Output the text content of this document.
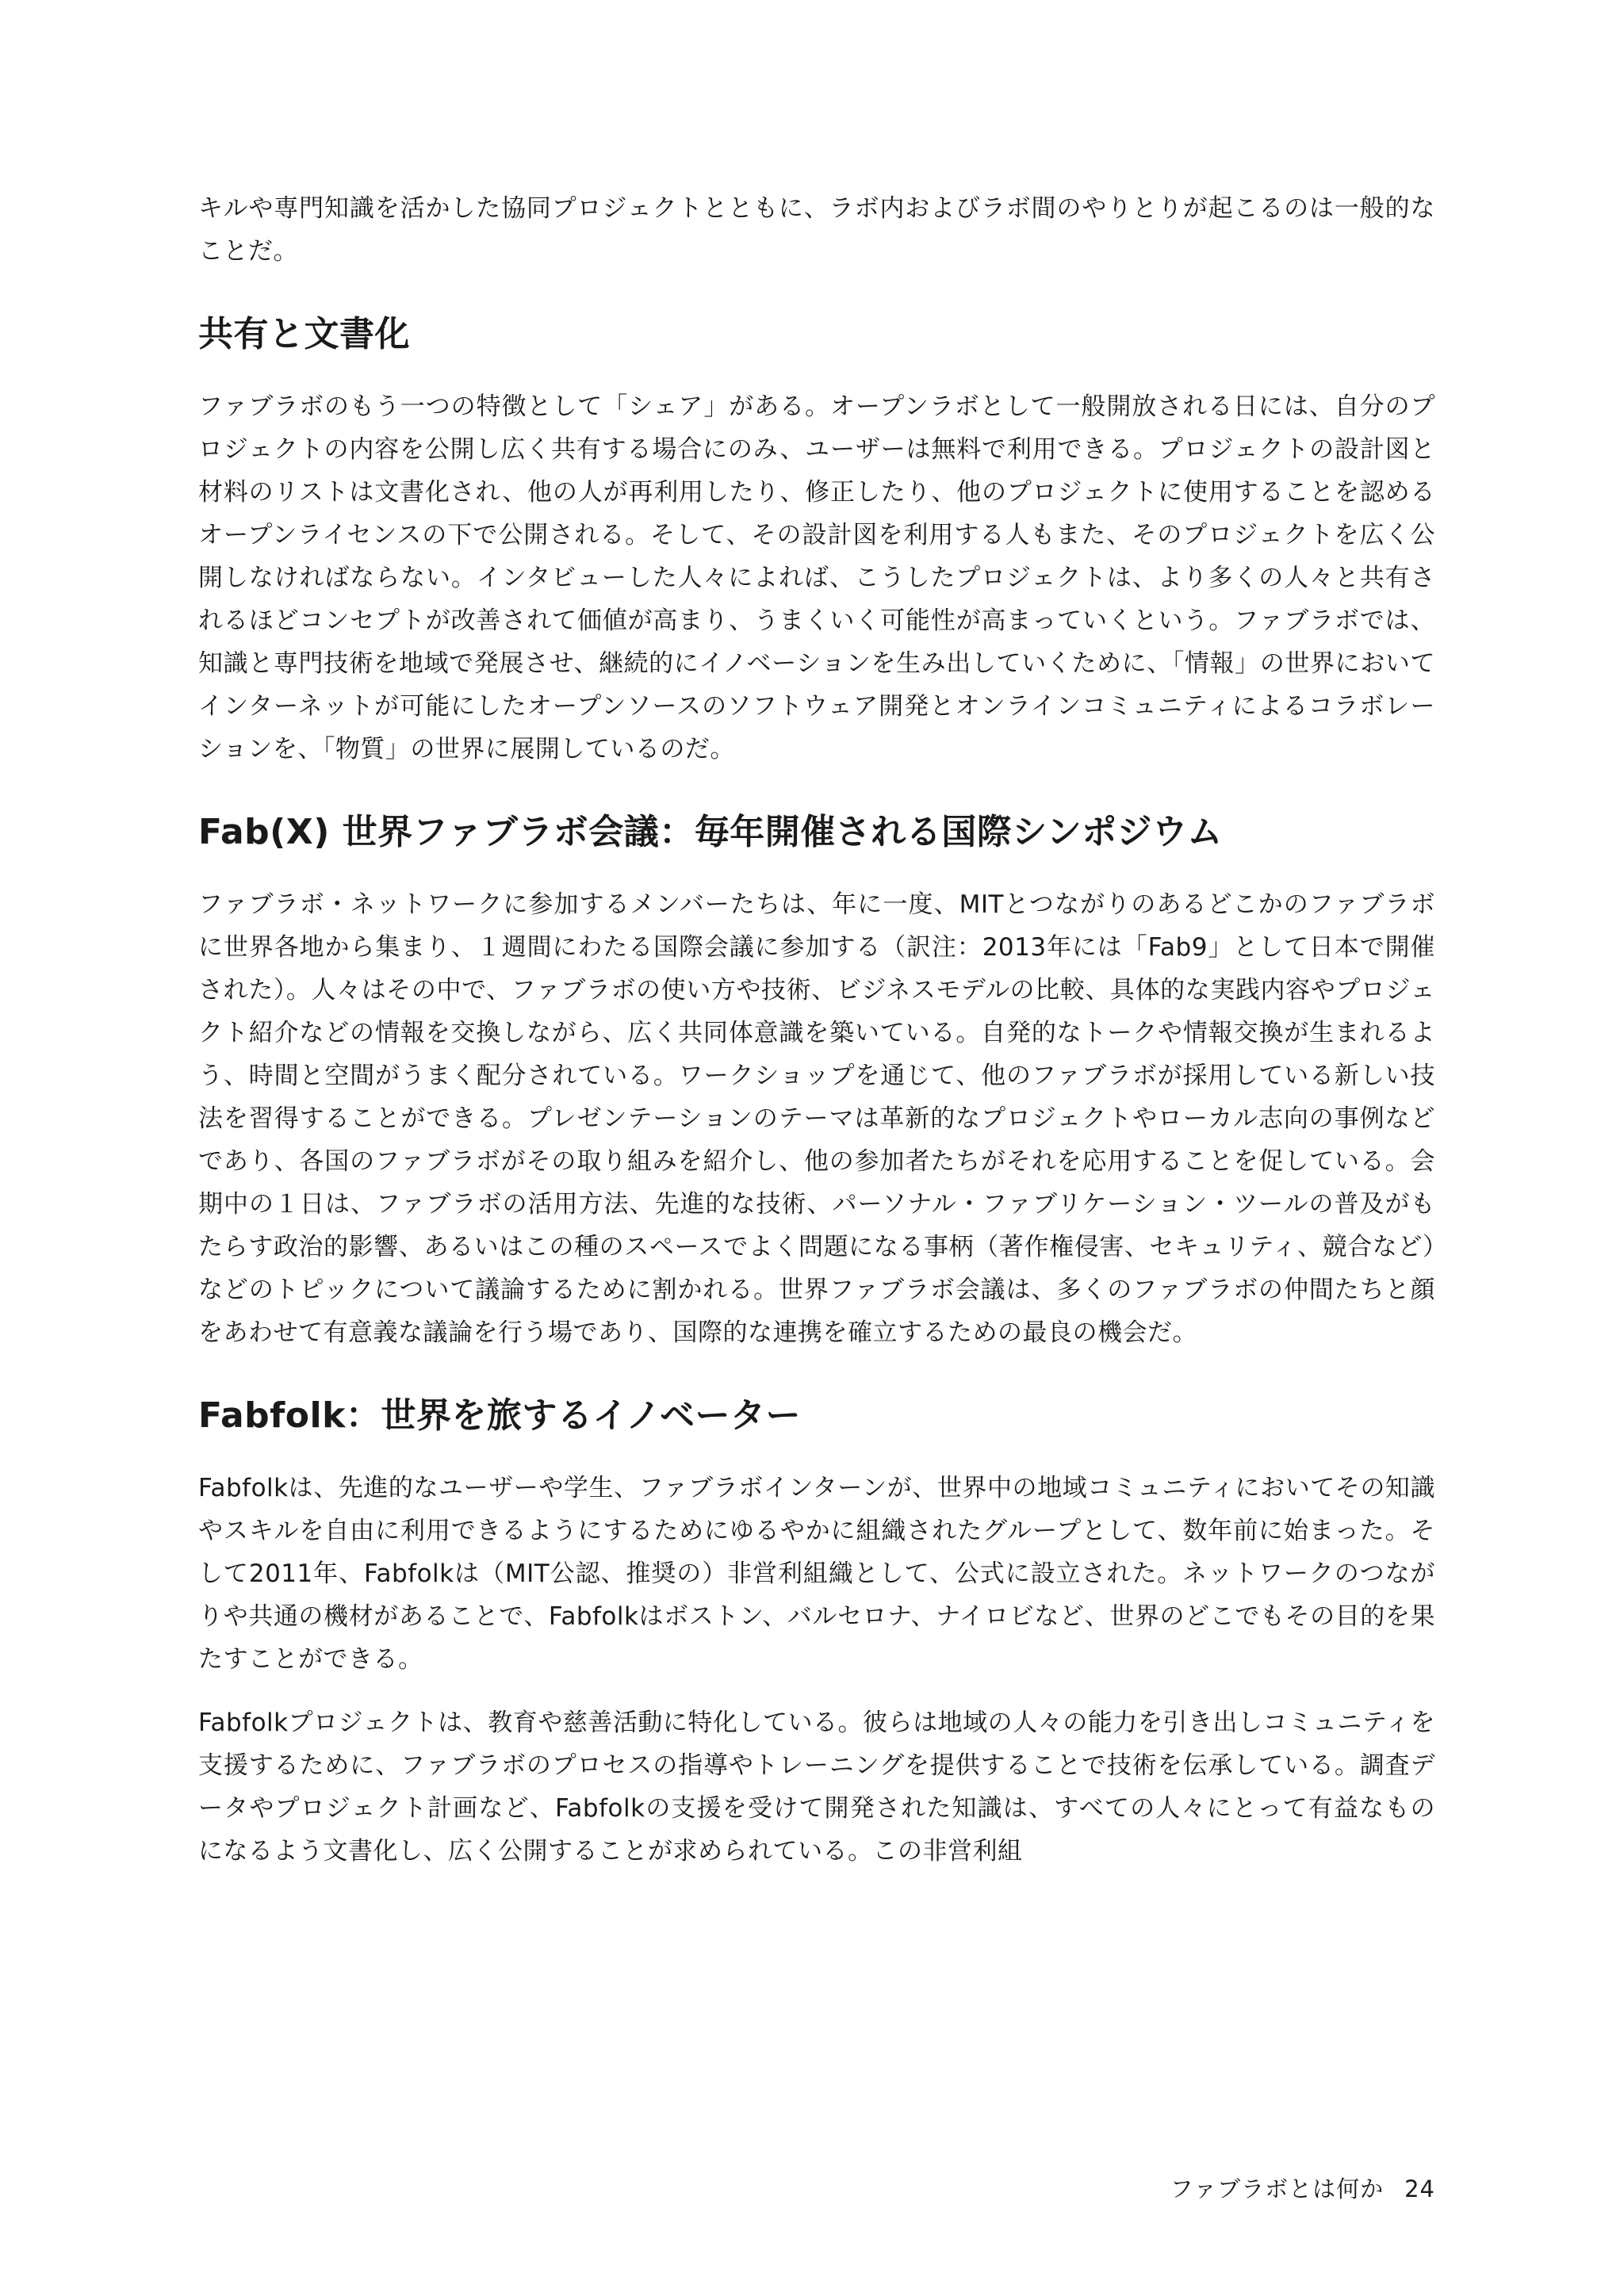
キルや専門知識を活かした協同プロジェクトとともに、ラボ内およびラボ間のやりとりが起こるのは一般的なことだ。

共有と文書化

ファブラボのもう一つの特徴として「シェア」がある。オープンラボとして一般開放される日には、自分のプロジェクトの内容を公開し広く共有する場合にのみ、ユーザーは無料で利用できる。プロジェクトの設計図と材料のリストは文書化され、他の人が再利用したり、修正したり、他のプロジェクトに使用することを認めるオープンライセンスの下で公開される。そして、その設計図を利用する人もまた、そのプロジェクトを広く公開しなければならない。インタビューした人々によれば、こうしたプロジェクトは、より多くの人々と共有されるほどコンセプトが改善されて価値が高まり、うまくいく可能性が高まっていくという。ファブラボでは、知識と専門技術を地域で発展させ、継続的にイノベーションを生み出していくために、「情報」の世界においてインターネットが可能にしたオープンソースのソフトウェア開発とオンラインコミュニティによるコラボレーションを、「物質」の世界に展開しているのだ。

Fab(X) 世界ファブラボ会議：毎年開催される国際シンポジウム

ファブラボ・ネットワークに参加するメンバーたちは、年に一度、MITとつながりのあるどこかのファブラボに世界各地から集まり、１週間にわたる国際会議に参加する（訳注：2013年には「Fab9」として日本で開催された）。人々はその中で、ファブラボの使い方や技術、ビジネスモデルの比較、具体的な実践内容やプロジェクト紹介などの情報を交換しながら、広く共同体意識を築いている。自発的なトークや情報交換が生まれるよう、時間と空間がうまく配分されている。ワークショップを通じて、他のファブラボが採用している新しい技法を習得することができる。プレゼンテーションのテーマは革新的なプロジェクトやローカル志向の事例などであり、各国のファブラボがその取り組みを紹介し、他の参加者たちがそれを応用することを促している。会期中の１日は、ファブラボの活用方法、先進的な技術、パーソナル・ファブリケーション・ツールの普及がもたらす政治的影響、あるいはこの種のスペースでよく問題になる事柄（著作権侵害、セキュリティ、競合など）などのトピックについて議論するために割かれる。世界ファブラボ会議は、多くのファブラボの仲間たちと顔をあわせて有意義な議論を行う場であり、国際的な連携を確立するための最良の機会だ。

Fabfolk：世界を旅するイノベーター

Fabfolkは、先進的なユーザーや学生、ファブラボインターンが、世界中の地域コミュニティにおいてその知識やスキルを自由に利用できるようにするためにゆるやかに組織されたグループとして、数年前に始まった。そして2011年、Fabfolkは（MIT公認、推奨の）非営利組織として、公式に設立された。ネットワークのつながりや共通の機材があることで、Fabfolkはボストン、バルセロナ、ナイロビなど、世界のどこでもその目的を果たすことができる。

Fabfolkプロジェクトは、教育や慈善活動に特化している。彼らは地域の人々の能力を引き出しコミュニティを支援するために、ファブラボのプロセスの指導やトレーニングを提供することで技術を伝承している。調査データやプロジェクト計画など、Fabfolkの支援を受けて開発された知識は、すべての人々にとって有益なものになるよう文書化し、広く公開することが求められている。この非営利組

ファブラボとは何か 24
